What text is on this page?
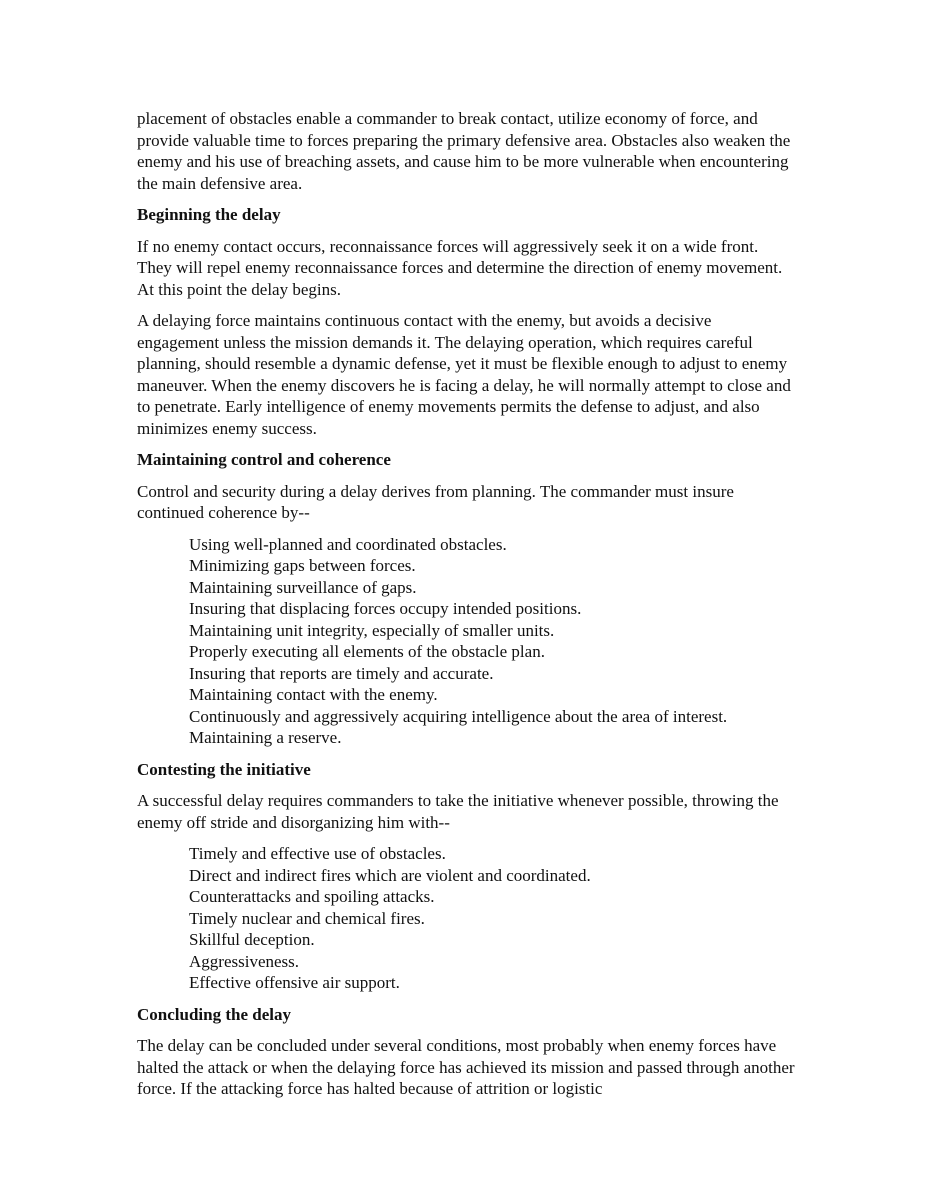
placement of obstacles enable a commander to break contact, utilize economy of force, and provide valuable time to forces preparing the primary defensive area. Obstacles also weaken the enemy and his use of breaching assets, and cause him to be more vulnerable when encountering the main defensive area.

Beginning the delay

If no enemy contact occurs, reconnaissance forces will aggressively seek it on a wide front. They will repel enemy reconnaissance forces and determine the direction of enemy movement. At this point the delay begins.

A delaying force maintains continuous contact with the enemy, but avoids a decisive engagement unless the mission demands it. The delaying operation, which requires careful planning, should resemble a dynamic defense, yet it must be flexible enough to adjust to enemy maneuver. When the enemy discovers he is facing a delay, he will normally attempt to close and to penetrate. Early intelligence of enemy movements permits the defense to adjust, and also minimizes enemy success.

Maintaining control and coherence

Control and security during a delay derives from planning. The commander must insure continued coherence by--

Using well-planned and coordinated obstacles.
Minimizing gaps between forces.
Maintaining surveillance of gaps.
Insuring that displacing forces occupy intended positions.
Maintaining unit integrity, especially of smaller units.
Properly executing all elements of the obstacle plan.
Insuring that reports are timely and accurate.
Maintaining contact with the enemy.
Continuously and aggressively acquiring intelligence about the area of interest.
Maintaining a reserve.
Contesting the initiative

A successful delay requires commanders to take the initiative whenever possible, throwing the enemy off stride and disorganizing him with--

Timely and effective use of obstacles.
Direct and indirect fires which are violent and coordinated.
Counterattacks and spoiling attacks.
Timely nuclear and chemical fires.
Skillful deception.
Aggressiveness.
Effective offensive air support.
Concluding the delay

The delay can be concluded under several conditions, most probably when enemy forces have halted the attack or when the delaying force has achieved its mission and passed through another force. If the attacking force has halted because of attrition or logistic
